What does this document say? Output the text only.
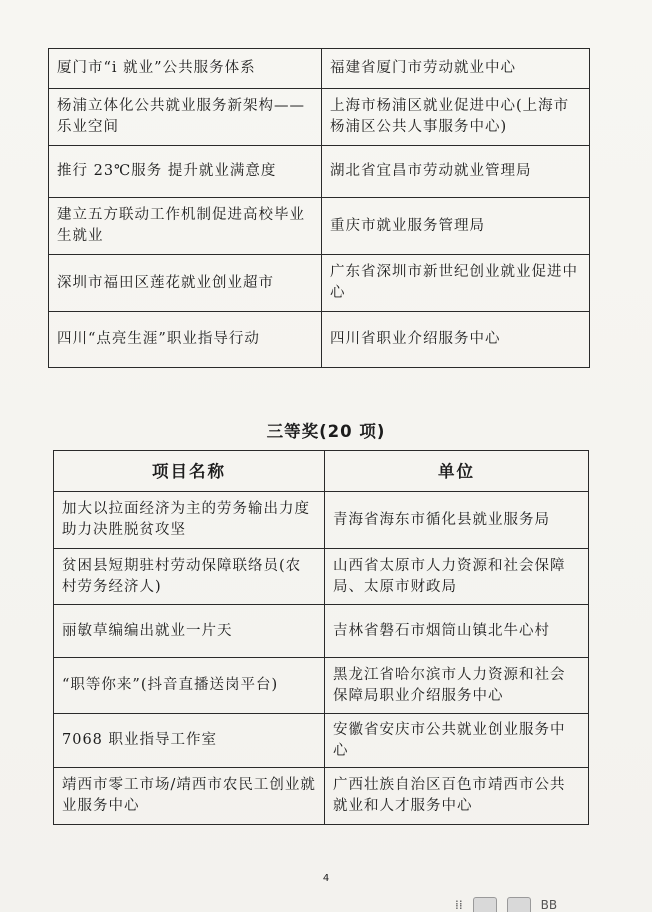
厦门市“i 就业”公共服务体系	福建省厦门市劳动就业中心
杨浦立体化公共就业服务新架构——乐业空间	上海市杨浦区就业促进中心(上海市杨浦区公共人事服务中心)
推行 23℃服务 提升就业满意度	湖北省宜昌市劳动就业管理局
建立五方联动工作机制促进高校毕业生就业	重庆市就业服务管理局
深圳市福田区莲花就业创业超市	广东省深圳市新世纪创业就业促进中心
四川“点亮生涯”职业指导行动	四川省职业介绍服务中心
三等奖(20 项)
项目名称	单位
加大以拉面经济为主的劳务输出力度 助力决胜脱贫攻坚	青海省海东市循化县就业服务局
贫困县短期驻村劳动保障联络员(农村劳务经济人)	山西省太原市人力资源和社会保障局、太原市财政局
丽敏草编编出就业一片天	吉林省磐石市烟筒山镇北牛心村
“职等你来”(抖音直播送岗平台)	黑龙江省哈尔滨市人力资源和社会保障局职业介绍服务中心
7068 职业指导工作室	安徽省安庆市公共就业创业服务中心
靖西市零工市场/靖西市农民工创业就业服务中心	广西壮族自治区百色市靖西市公共就业和人才服务中心
4
⁞⁞	BB
